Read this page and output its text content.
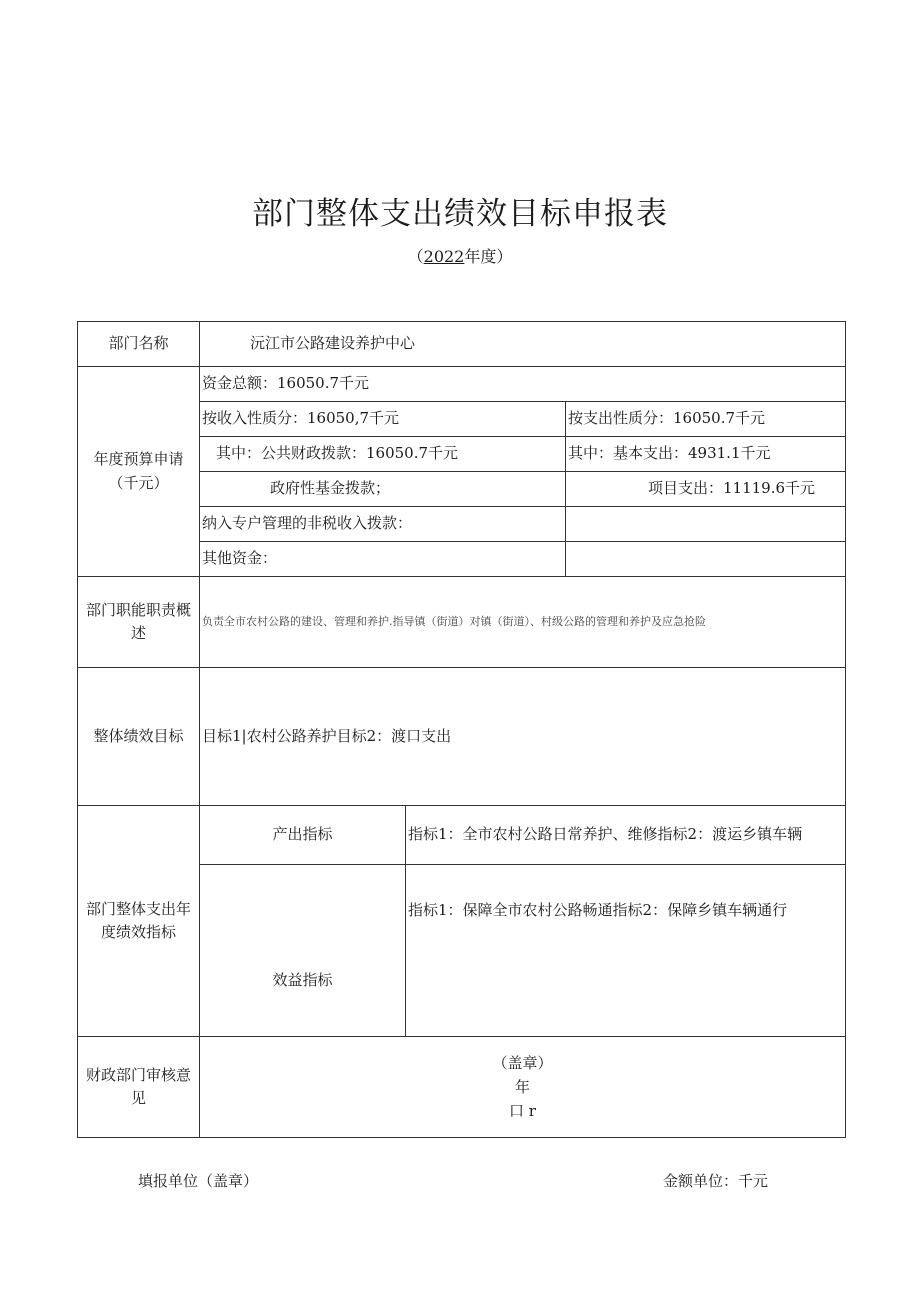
部门整体支出绩效目标申报表
（2022年度）
部门名称	沅江市公路建设养护中心		
年度预算申请（千元）	资金总额：16050.7千元		
	按收入性质分：16050,7千元		按支出性质分：16050.7千元
	其中：公共财政拨款：16050.7千元		其中：基本支出：4931.1千元
	政府性基金拨款；		项目支出：11119.6千元
	纳入专户管理的非税收入拨款：		
	其他资金：		
部门职能职责概述	负责全市农村公路的建设、管理和养护.指导镇（街道）对镇（街道）、村级公路的管理和养护及应急抢险		
整体绩效目标	目标1|农村公路养护目标2：渡口支出		
部门整体支出年度绩效指标	产出指标	指标1：全市农村公路日常养护、维修指标2：渡运乡镇车辆	
	效益指标	指标1：保障全市农村公路畅通指标2：保障乡镇车辆通行	
财政部门审核意见	（盖章）
年
口 r		
填报单位（盖章）	金额单位：千元
